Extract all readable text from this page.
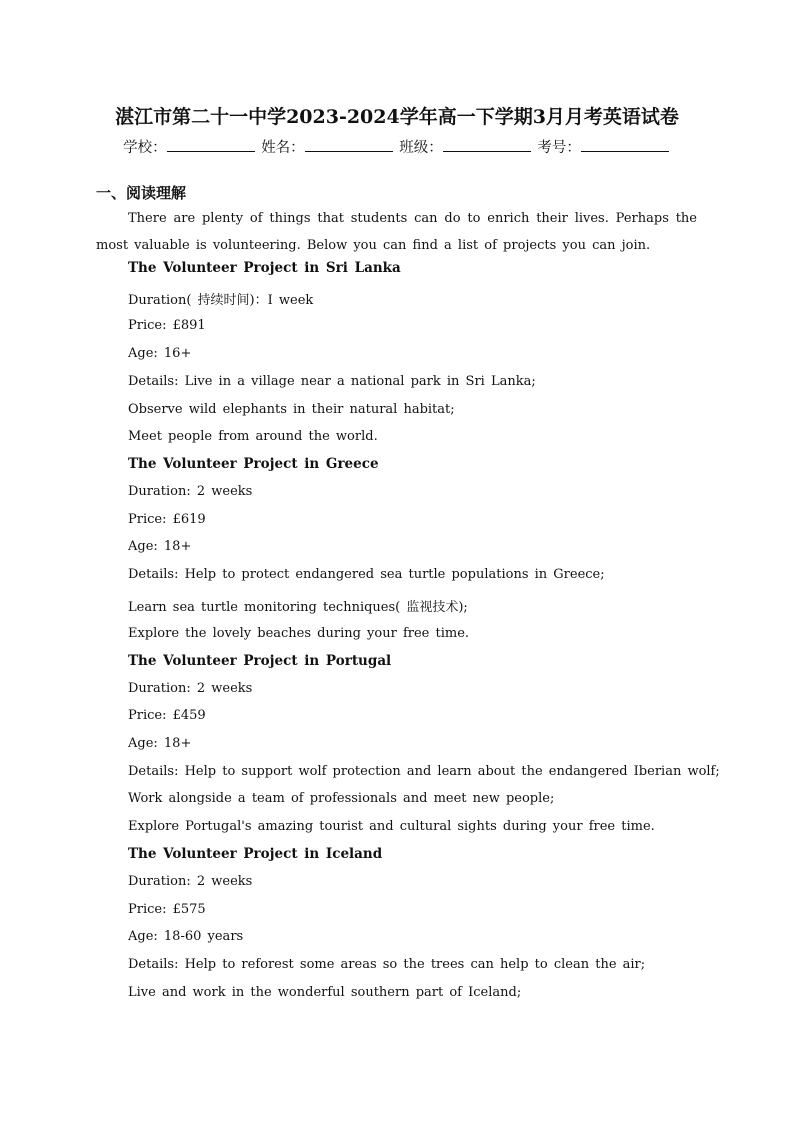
湛江市第二十一中学2023-2024学年高一下学期3月月考英语试卷
学校：	姓名：	班级：	考号：
一、阅读理解

There are plenty of things that students can do to enrich their lives. Perhaps the most valuable is volunteering. Below you can find a list of projects you can join.

The Volunteer Project in Sri Lanka
Duration( 持续时间)：I week
Price: £891
Age: 16+
Details: Live in a village near a national park in Sri Lanka;
Observe wild elephants in their natural habitat;
Meet people from around the world.
The Volunteer Project in Greece
Duration: 2 weeks
Price: £619
Age: 18+
Details: Help to protect endangered sea turtle populations in Greece;
Learn sea turtle monitoring techniques( 监视技术);
Explore the lovely beaches during your free time.
The Volunteer Project in Portugal
Duration: 2 weeks
Price: £459
Age: 18+
Details: Help to support wolf protection and learn about the endangered Iberian wolf;
Work alongside a team of professionals and meet new people;
Explore Portugal's amazing tourist and cultural sights during your free time.
The Volunteer Project in Iceland
Duration: 2 weeks
Price: £575
Age: 18-60 years
Details: Help to reforest some areas so the trees can help to clean the air;
Live and work in the wonderful southern part of Iceland;
